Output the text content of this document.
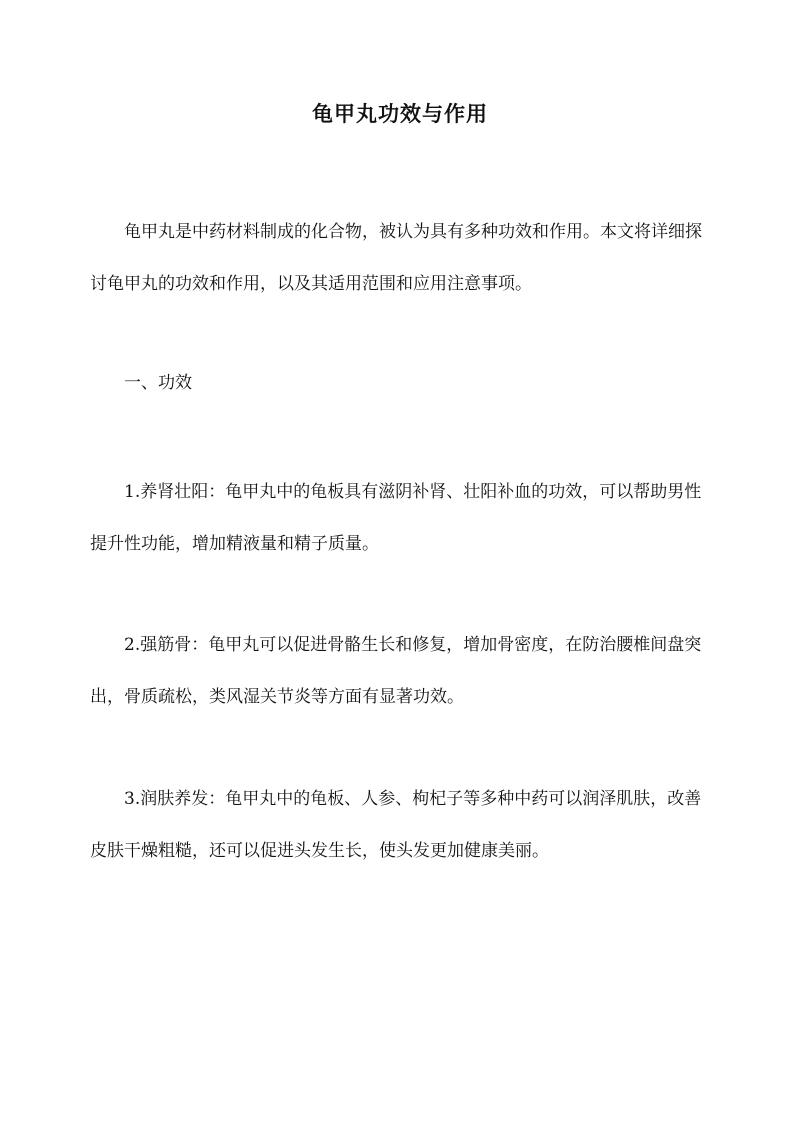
龟甲丸功效与作用

龟甲丸是中药材料制成的化合物，被认为具有多种功效和作用。本文将详细探讨龟甲丸的功效和作用，以及其适用范围和应用注意事项。

一、功效

1.养肾壮阳：龟甲丸中的龟板具有滋阴补肾、壮阳补血的功效，可以帮助男性提升性功能，增加精液量和精子质量。

2.强筋骨：龟甲丸可以促进骨骼生长和修复，增加骨密度，在防治腰椎间盘突出，骨质疏松，类风湿关节炎等方面有显著功效。

3.润肤养发：龟甲丸中的龟板、人参、枸杞子等多种中药可以润泽肌肤，改善皮肤干燥粗糙，还可以促进头发生长，使头发更加健康美丽。
